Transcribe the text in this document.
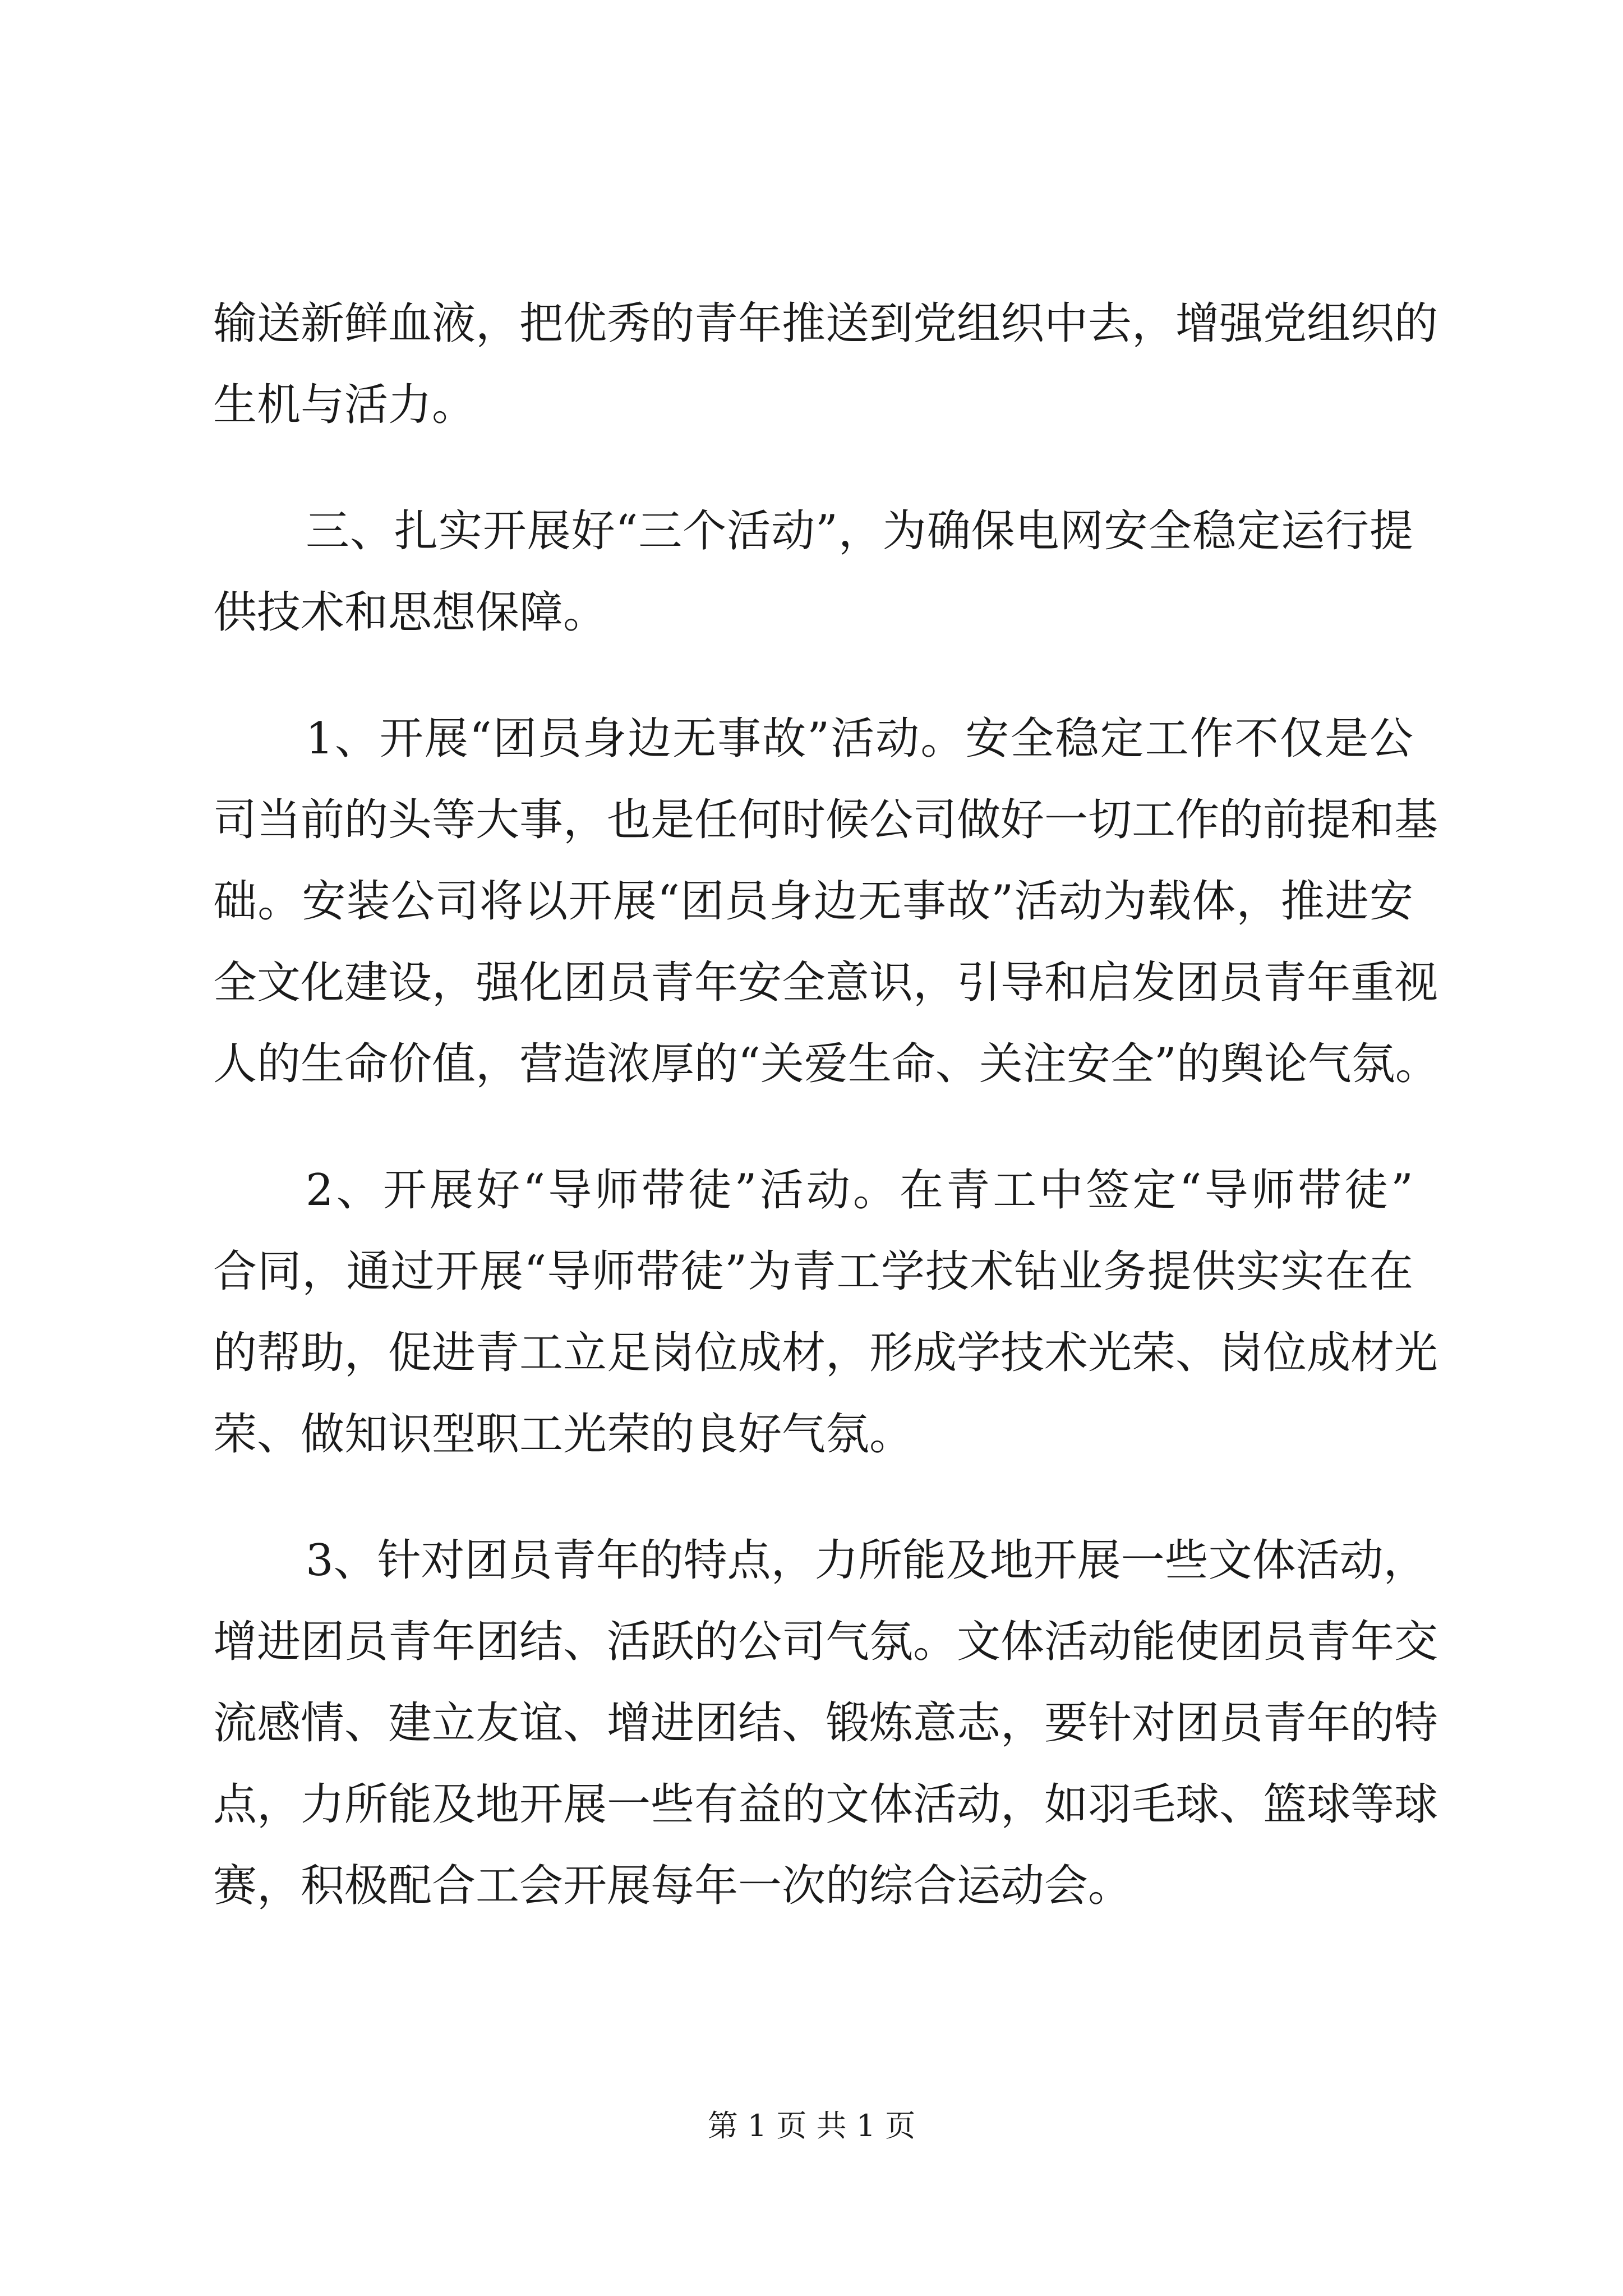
输送新鲜血液，把优秀的青年推送到党组织中去，增强党组织的
生机与活力。
三、扎实开展好“三个活动”，为确保电网安全稳定运行提
供技术和思想保障。
1、开展“团员身边无事故”活动。安全稳定工作不仅是公
司当前的头等大事，也是任何时候公司做好一切工作的前提和基
础。安装公司将以开展“团员身边无事故”活动为载体，推进安
全文化建设，强化团员青年安全意识，引导和启发团员青年重视
人的生命价值，营造浓厚的“关爱生命、关注安全”的舆论气氛。
2、开展好“导师带徒”活动。在青工中签定“导师带徒”
合同，通过开展“导师带徒”为青工学技术钻业务提供实实在在
的帮助，促进青工立足岗位成材，形成学技术光荣、岗位成材光
荣、做知识型职工光荣的良好气氛。
3、针对团员青年的特点，力所能及地开展一些文体活动，
增进团员青年团结、活跃的公司气氛。文体活动能使团员青年交
流感情、建立友谊、增进团结、锻炼意志，要针对团员青年的特
点，力所能及地开展一些有益的文体活动，如羽毛球、篮球等球
赛，积极配合工会开展每年一次的综合运动会。
第 1 页 共 1 页
